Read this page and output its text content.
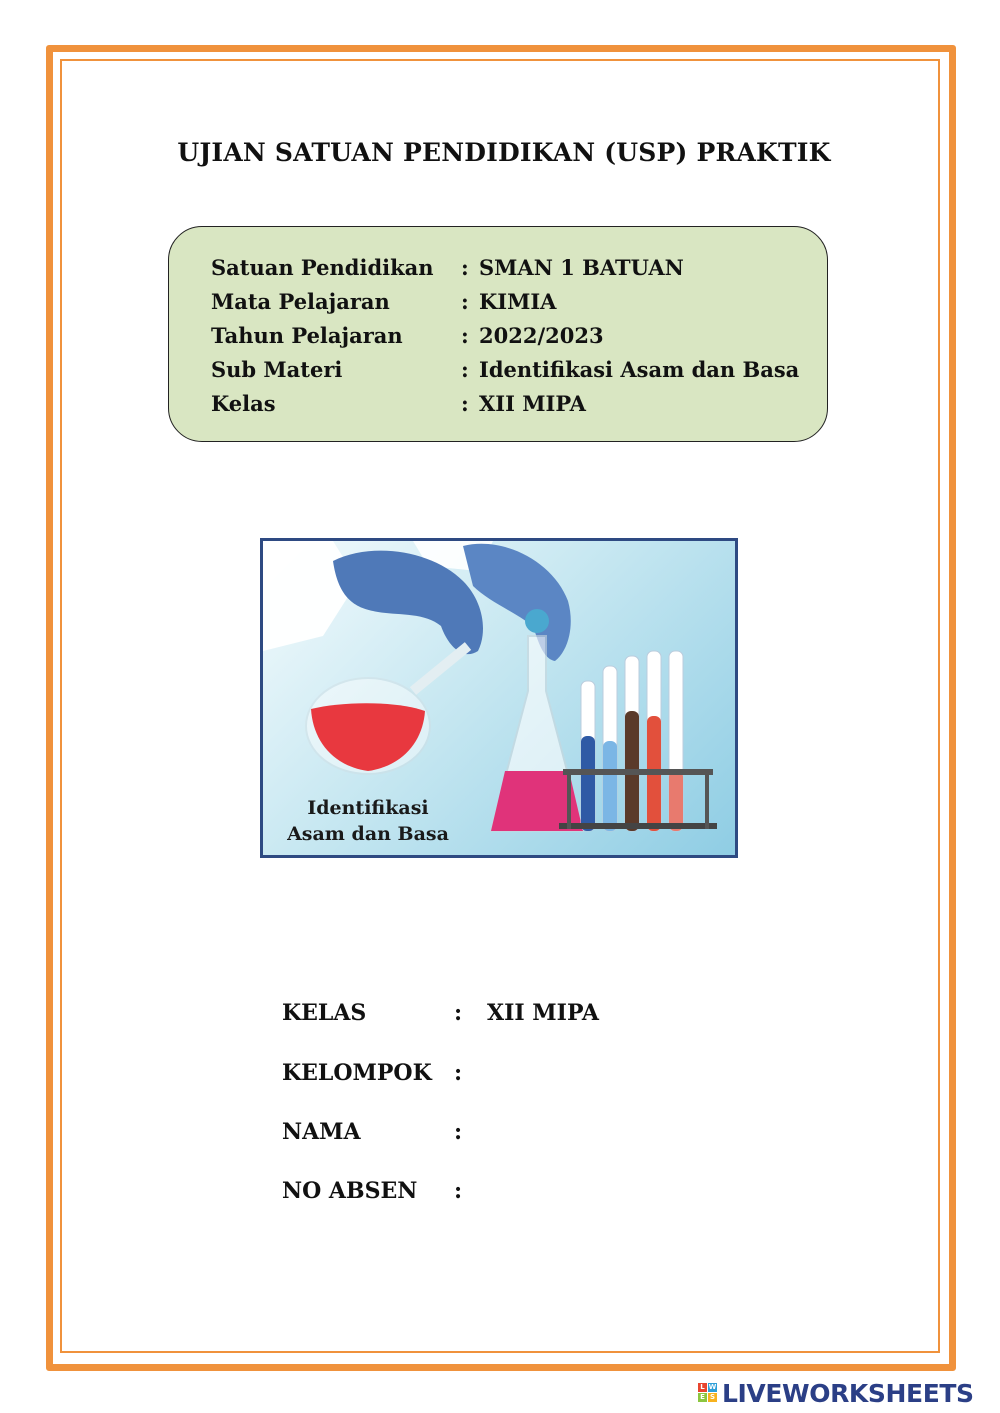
UJIAN SATUAN PENDIDIKAN (USP) PRAKTIK
Satuan Pendidikan : SMAN 1 BATUAN
Mata Pelajaran	: KIMIA
Tahun Pelajaran	: 2022/2023
Sub Materi	: Identifikasi Asam dan Basa
Kelas	: XII MIPA
Identifikasi
Asam dan Basa
KELAS	: XII MIPA
KELOMPOK :
NAMA	:
NO ABSEN :
L W
E S LIVEWORKSHEETS
